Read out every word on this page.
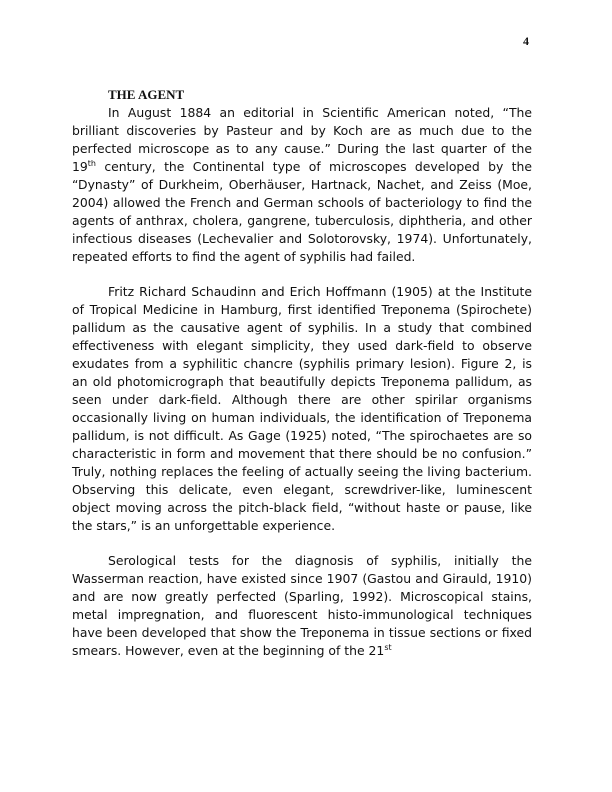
4
THE AGENT

In August 1884 an editorial in Scientific American noted, “The brilliant discoveries by Pasteur and by Koch are as much due to the perfected microscope as to any cause.” During the last quarter of the 19th century, the Continental type of microscopes developed by the “Dynasty” of Durkheim, Oberhäuser, Hartnack, Nachet, and Zeiss (Moe, 2004) allowed the French and German schools of bacteriology to find the agents of anthrax, cholera, gangrene, tuberculosis, diphtheria, and other infectious diseases (Lechevalier and Solotorovsky, 1974). Unfortunately, repeated efforts to find the agent of syphilis had failed.

Fritz Richard Schaudinn and Erich Hoffmann (1905) at the Institute of Tropical Medicine in Hamburg, first identified Treponema (Spirochete) pallidum as the causative agent of syphilis. In a study that combined effectiveness with elegant simplicity, they used dark-field to observe exudates from a syphilitic chancre (syphilis primary lesion). Figure 2, is an old photomicrograph that beautifully depicts Treponema pallidum, as seen under dark-field. Although there are other spirilar organisms occasionally living on human individuals, the identification of Treponema pallidum, is not difficult. As Gage (1925) noted, “The spirochaetes are so characteristic in form and movement that there should be no confusion.” Truly, nothing replaces the feeling of actually seeing the living bacterium. Observing this delicate, even elegant, screwdriver-like, luminescent object moving across the pitch-black field, “without haste or pause, like the stars,” is an unforgettable experience.

Serological tests for the diagnosis of syphilis, initially the Wasserman reaction, have existed since 1907 (Gastou and Girauld, 1910) and are now greatly perfected (Sparling, 1992). Microscopical stains, metal impregnation, and fluorescent histo-immunological techniques have been developed that show the Treponema in tissue sections or fixed smears. However, even at the beginning of the 21st
